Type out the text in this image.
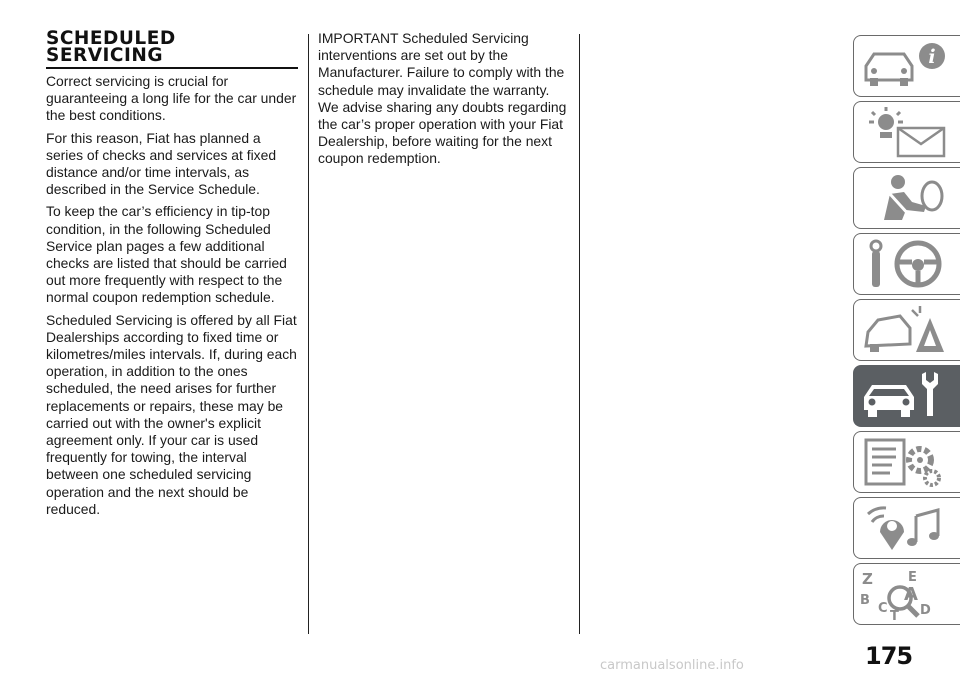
SCHEDULED
SERVICING

Correct servicing is crucial for guaranteeing a long life for the car under the best conditions.

For this reason, Fiat has planned a series of checks and services at fixed distance and/or time intervals, as described in the Service Schedule.

To keep the car’s efficiency in tip-top condition, in the following Scheduled Service plan pages a few additional checks are listed that should be carried out more frequently with respect to the normal coupon redemption schedule.

Scheduled Servicing is offered by all Fiat Dealerships according to fixed time or kilometres/miles intervals. If, during each operation, in addition to the ones scheduled, the need arises for further replacements or repairs, these may be carried out with the owner's explicit agreement only. If your car is used frequently for towing, the interval between one scheduled servicing operation and the next should be reduced.

IMPORTANT Scheduled Servicing interventions are set out by the Manufacturer. Failure to comply with the schedule may invalidate the warranty. We advise sharing any doubts regarding the car’s proper operation with your Fiat Dealership, before waiting for the next coupon redemption.

i
Z	E
B A
C D
T
175
carmanualsonline.info
